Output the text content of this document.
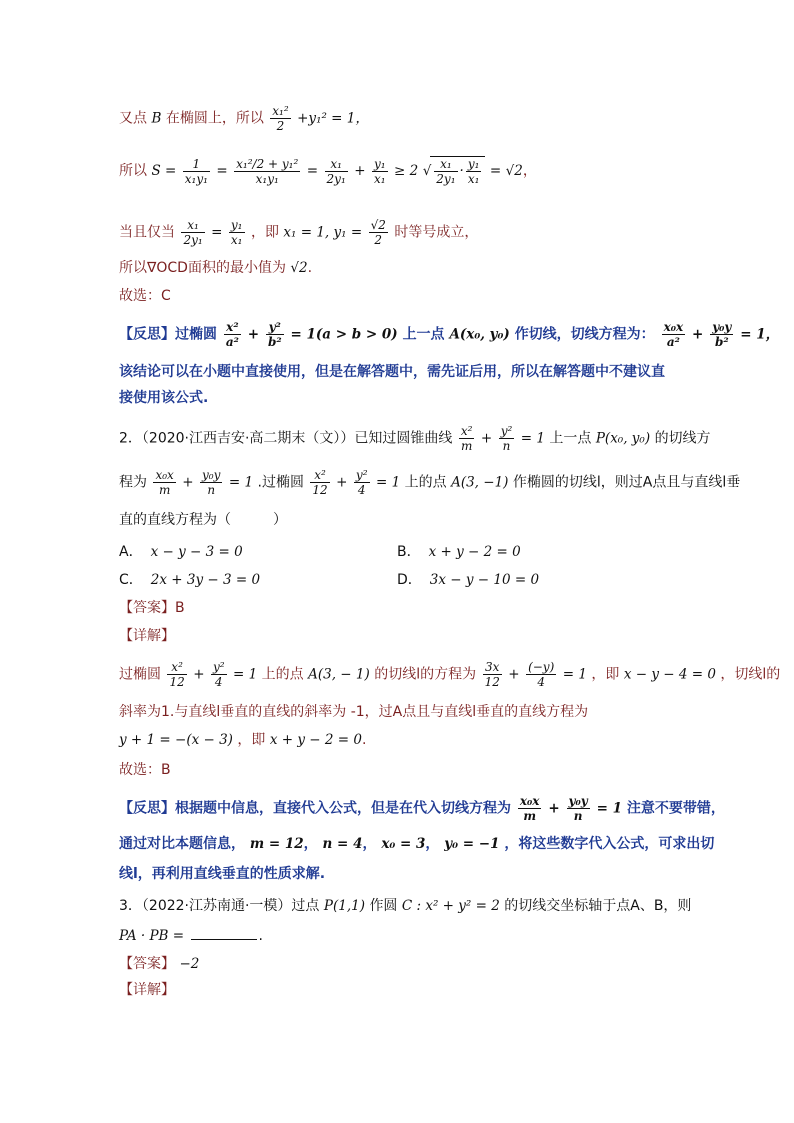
又点 B 在椭圆上，所以 $\frac{\text{x₁²}}{2} +y_1^2 = 1$，
所以 $S = \frac{1}{\text{x₁y₁}} = \frac{\text{x₁²/2 + y₁²}}{\text{x₁y₁}} = \frac{\text{x₁}}{\text{2y₁}} + \frac{\text{y₁}}{\text{x₁}} \ge 2$ √ $\frac{\text{x₁}}{\text{2y₁}} \cdot \frac{\text{y₁}}{\text{x₁}} = √2$，
当且仅当 $\frac{\text{x₁}}{\text{2y₁}} = \frac{\text{y₁}}{\text{x₁}}$ ，即 x₁ = 1, $y_1 = \frac{√2}{2}$ 时等号成立，
所以∇OCD面积的最小值为 √2.
故选：C
【反思】过椭圆 $\frac{\text{x²}}{\text{a²}} + \frac{\text{y²}}{\text{b²}} = 1(a > b > 0)$ 上一点 A(x₀, y₀) 作切线，切线方程为： $\frac{\text{x₀x}}{\text{a²}} + \frac{\text{y₀y}}{\text{b²}} = 1$，
该结论可以在小题中直接使用，但是在解答题中，需先证后用，所以在解答题中不建议直
接使用该公式.
2．（2020·江西吉安·高二期末（文））已知过圆锥曲线 $\frac{\text{x²}}{m} + \frac{\text{y²}}{n} = 1$ 上一点 P(x₀, y₀) 的切线方
程为 $\frac{\text{x₀x}}{m} + \frac{\text{y₀y}}{n} = 1$ .过椭圆 $\frac{\text{x²}}{12} + \frac{\text{y²}}{4} = 1$ 上的点 A(3, −1) 作椭圆的切线l，则过A点且与直线l垂
直的直线方程为（　　　）
A． x − y − 3 = 0	B． x + y − 2 = 0
C． 2x + 3y − 3 = 0	D． 3x − y − 10 = 0
【答案】B
【详解】
过椭圆 $\frac{\text{x²}}{12} + \frac{\text{y²}}{4} = 1$ 上的点 A(3, − 1) 的切线l的方程为 $\frac{3x}{12} + \frac{(-y)}{4} = 1$ ，即 x − y − 4 = 0 ，切线l的
斜率为1.与直线l垂直的直线的斜率为 -1，过A点且与直线l垂直的直线方程为
y + 1 = −(x − 3) ，即 x + y − 2 = 0.
故选：B
【反思】根据题中信息，直接代入公式，但是在代入切线方程为 $\frac{\text{x₀x}}{m} + \frac{\text{y₀y}}{n} = 1$ 注意不要带错，
通过对比本题信息， m = 12， n = 4， x₀ = 3， y₀ = −1 ，将这些数字代入公式，可求出切
线l，再利用直线垂直的性质求解.
3．（2022·江苏南通·一模）过点 P(1,1) 作圆 C : x² + y² = 2 的切线交坐标轴于点A、B，则
PA · PB =	.
【答案】 −2
【详解】
